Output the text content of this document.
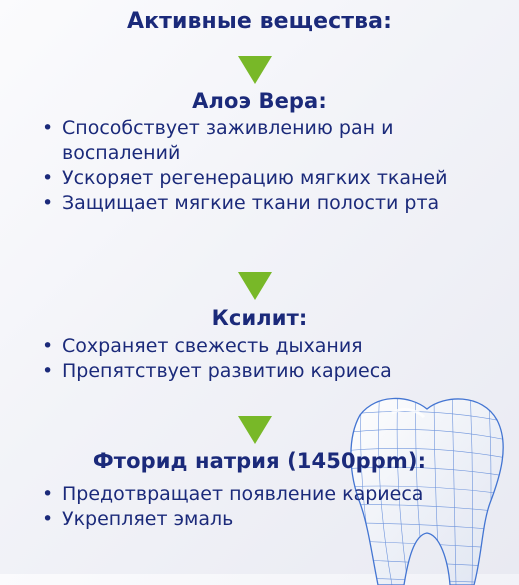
Активные вещества:
Алоэ Вера:
• Способствует заживлению ран и воспалений
• Ускоряет регенерацию мягких тканей
• Защищает мягкие ткани полости рта
Ксилит:
• Сохраняет свежесть дыхания
• Препятствует развитию кариеса
Фторид натрия (1450ppm):
• Предотвращает появление кариеса
• Укрепляет эмаль
